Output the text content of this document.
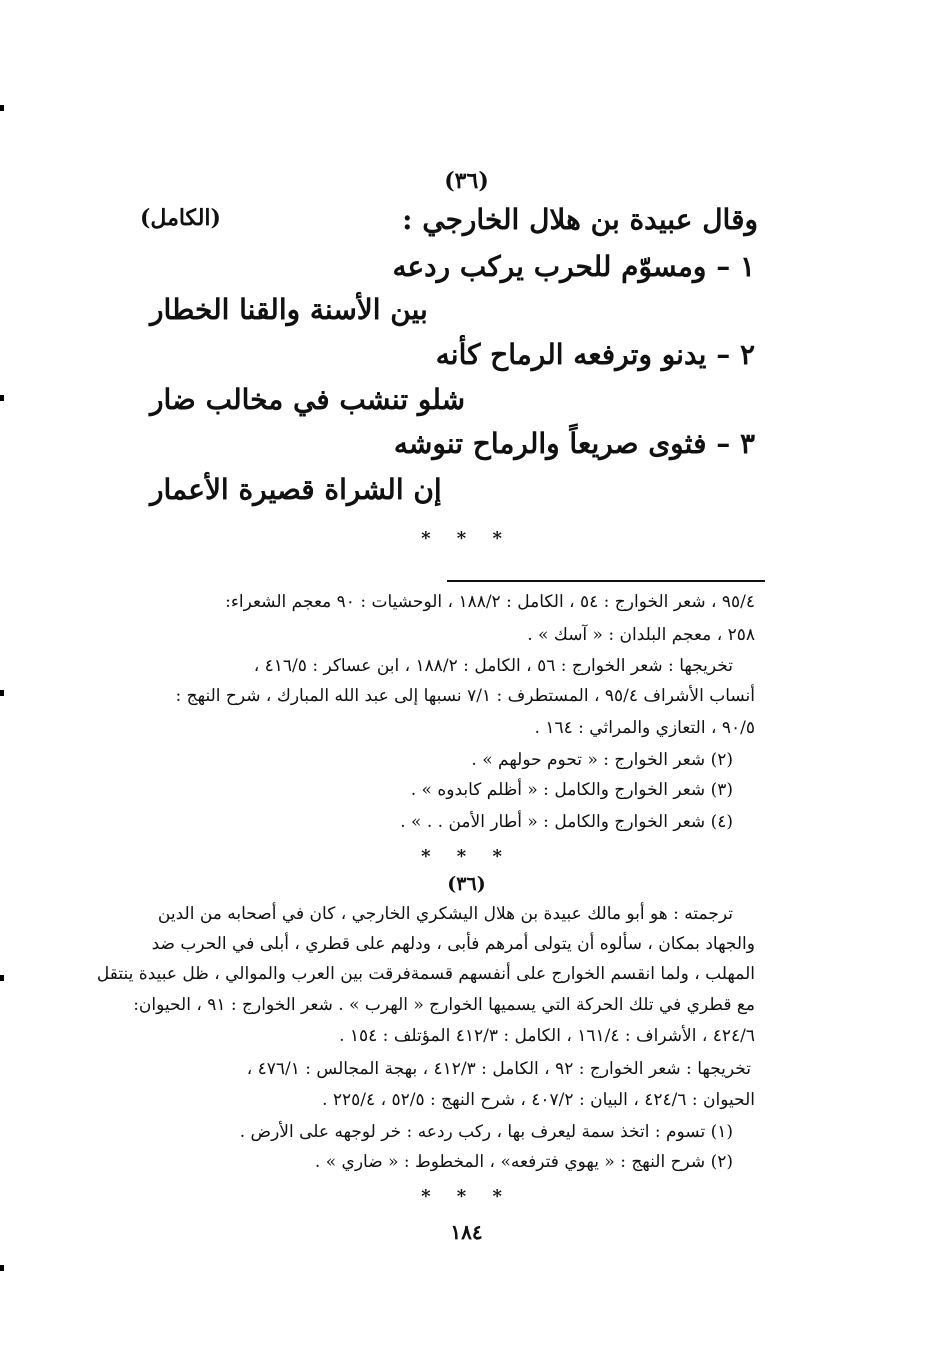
(٣٦)
وقال عبيدة بن هلال الخارجي :
(الكامل)
١ – ومسوّم للحرب يركب ردعه
بين الأسنة والقنا الخطار
٢ – يدنو وترفعه الرماح كأنه
شلو تنشب في مخالب ضار
٣ – فثوى صريعاً والرماح تنوشه
إن الشراة قصيرة الأعمار
* * *
٩٥/٤ ، شعر الخوارج : ٥٤ ، الكامل : ١٨٨/٢ ، الوحشيات : ٩٠ معجم الشعراء:
٢٥٨ ، معجم البلدان : « آسك » .
تخريجها : شعر الخوارج : ٥٦ ، الكامل : ١٨٨/٢ ، ابن عساكر : ٤١٦/٥ ،
أنساب الأشراف ٩٥/٤ ، المستطرف : ٧/١ نسبها إلى عبد الله المبارك ، شرح النهج :
٩٠/٥ ، التعازي والمراثي : ١٦٤ .
(٢) شعر الخوارج : « تحوم حولهم » .
(٣) شعر الخوارج والكامل : « أظلم كابدوه » .
(٤) شعر الخوارج والكامل : « أطار الأمن . . » .
* * *
(٣٦)
ترجمته : هو أبو مالك عبيدة بن هلال اليشكري الخارجي ، كان في أصحابه من الدين
والجهاد بمكان ، سألوه أن يتولى أمرهم فأبى ، ودلهم على قطري ، أبلى في الحرب ضد
المهلب ، ولما انقسم الخوارج على أنفسهم قسمةفرقت بين العرب والموالي ، ظل عبيدة ينتقل
مع قطري في تلك الحركة التي يسميها الخوارج « الهرب » . شعر الخوارج : ٩١ ، الحيوان:
٤٢٤/٦ ، الأشراف : ١٦١/٤ ، الكامل : ٤١٢/٣ المؤتلف : ١٥٤ .
تخريجها : شعر الخوارج : ٩٢ ، الكامل : ٤١٢/٣ ، بهجة المجالس : ٤٧٦/١ ،
الحيوان : ٤٢٤/٦ ، البيان : ٤٠٧/٢ ، شرح النهج : ٥٢/٥ ، ٢٢٥/٤ .
(١) تسوم : اتخذ سمة ليعرف بها ، ركب ردعه : خر لوجهه على الأرض .
(٢) شرح النهج : « يهوي فترفعه» ، المخطوط : « ضاري » .
* * *
١٨٤
